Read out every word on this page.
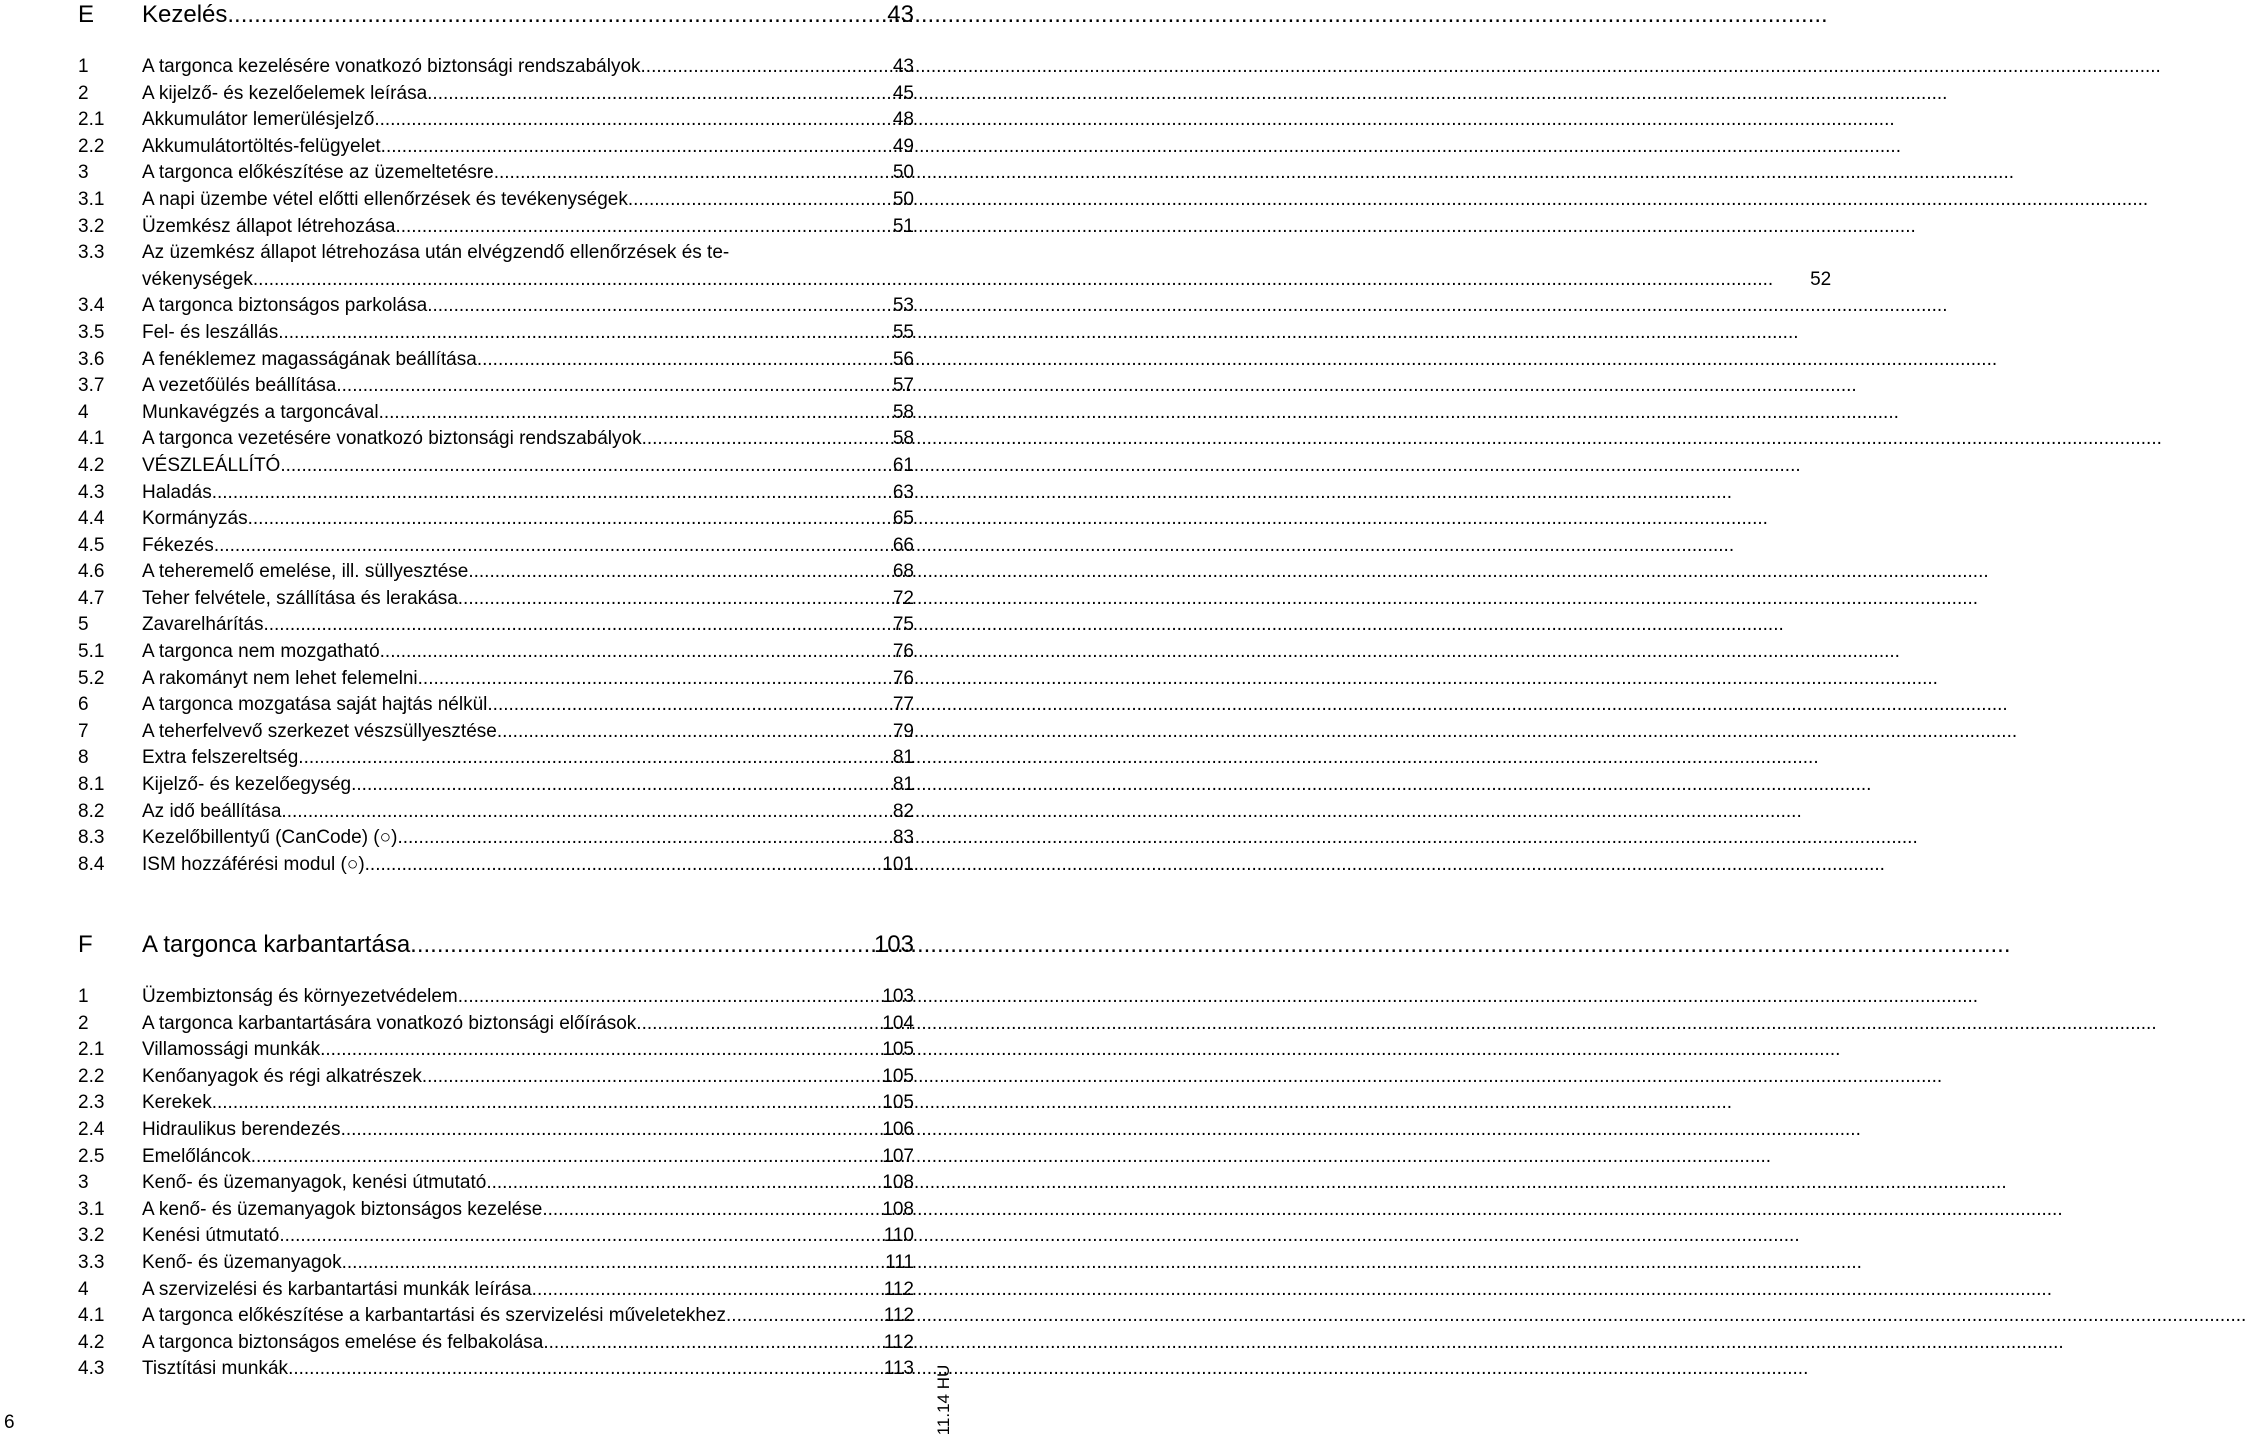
E	Kezelés .....	43
1	A targonca kezelésére vonatkozó biztonsági rendszabályok .....	43
2	A kijelző- és kezelőelemek leírása .....	45
2.1	Akkumulátor lemerülésjelző .....	48
2.2	Akkumulátortöltés-felügyelet .....	49
3	A targonca előkészítése az üzemeltetésre .....	50
3.1	A napi üzembe vétel előtti ellenőrzések és tevékenységek .....	50
3.2	Üzemkész állapot létrehozása .....	51
3.3	Az üzemkész állapot létrehozása után elvégzendő ellenőrzések és te-
vékenységek .....	52
3.4	A targonca biztonságos parkolása .....	53
3.5	Fel- és leszállás .....	55
3.6	A fenéklemez magasságának beállítása .....	56
3.7	A vezetőülés beállítása .....	57
4	Munkavégzés a targoncával .....	58
4.1	A targonca vezetésére vonatkozó biztonsági rendszabályok .....	58
4.2	VÉSZLEÁLLÍTÓ .....	61
4.3	Haladás .....	63
4.4	Kormányzás .....	65
4.5	Fékezés .....	66
4.6	A teheremelő emelése, ill. süllyesztése .....	68
4.7	Teher felvétele, szállítása és lerakása .....	72
5	Zavarelhárítás .....	75
5.1	A targonca nem mozgatható .....	76
5.2	A rakományt nem lehet felemelni .....	76
6	A targonca mozgatása saját hajtás nélkül .....	77
7	A teherfelvevő szerkezet vészsüllyesztése .....	79
8	Extra felszereltség .....	81
8.1	Kijelző- és kezelőegység .....	81
8.2	Az idő beállítása .....	82
8.3	Kezelőbillentyű (CanCode) (○) .....	83
8.4	ISM hozzáférési modul (○) .....	101
F	A targonca karbantartása .....	103
1	Üzembiztonság és környezetvédelem .....	103
2	A targonca karbantartására vonatkozó biztonsági előírások .....	104
2.1	Villamossági munkák .....	105
2.2	Kenőanyagok és régi alkatrészek .....	105
2.3	Kerekek .....	105
2.4	Hidraulikus berendezés .....	106
2.5	Emelőláncok .....	107
3	Kenő- és üzemanyagok, kenési útmutató .....	108
3.1	A kenő- és üzemanyagok biztonságos kezelése .....	108
3.2	Kenési útmutató .....	110
3.3	Kenő- és üzemanyagok .....	111
4	A szervizelési és karbantartási munkák leírása .....	112
4.1	A targonca előkészítése a karbantartási és szervizelési műveletekhez .....	112
4.2	A targonca biztonságos emelése és felbakolása .....	112
4.3	Tisztítási munkák .....	113 11.14 HU
6
